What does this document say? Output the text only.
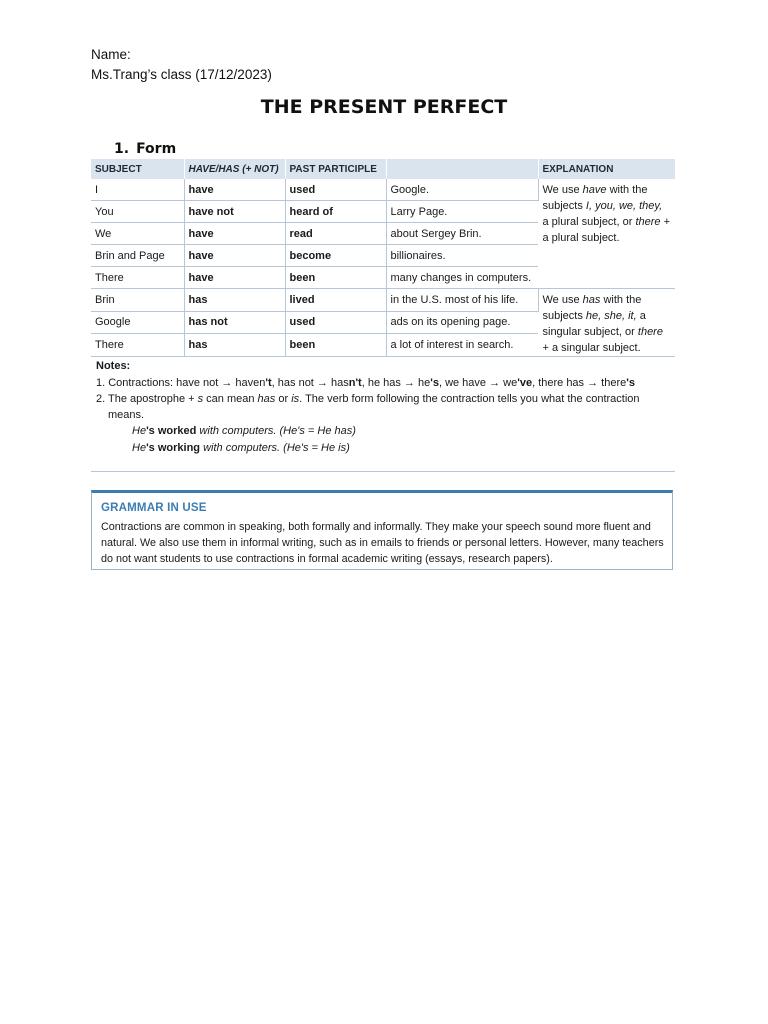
Name:
Ms.Trang’s class (17/12/2023)
THE PRESENT PERFECT
1. Form
SUBJECT	HAVE/HAS (+ NOT)	PAST PARTICIPLE		EXPLANATION
I	have	used	Google.	We use have with the subjects I, you, we, they, a plural subject, or there + a plural subject.
You	have not	heard of	Larry Page.	
We	have	read	about Sergey Brin.	
Brin and Page	have	become	billionaires.	
There	have	been	many changes in computers.	
Brin	has	lived	in the U.S. most of his life.	We use has with the subjects he, she, it, a singular subject, or there + a singular subject.
Google	has not	used	ads on its opening page.	
There	has	been	a lot of interest in search.	
Notes:
1. Contractions: have not → haven't, has not → hasn't, he has → he's, we have → we've, there has → there's
2. The apostrophe + s can mean has or is. The verb form following the contraction tells you what the contraction
means.
He's worked with computers. (He's = He has)
He's working with computers. (He's = He is)
GRAMMAR IN USE
Contractions are common in speaking, both formally and informally. They make your speech sound more fluent and natural. We also use them in informal writing, such as in emails to friends or personal letters. However, many teachers do not want students to use contractions in formal academic writing (essays, research papers).
